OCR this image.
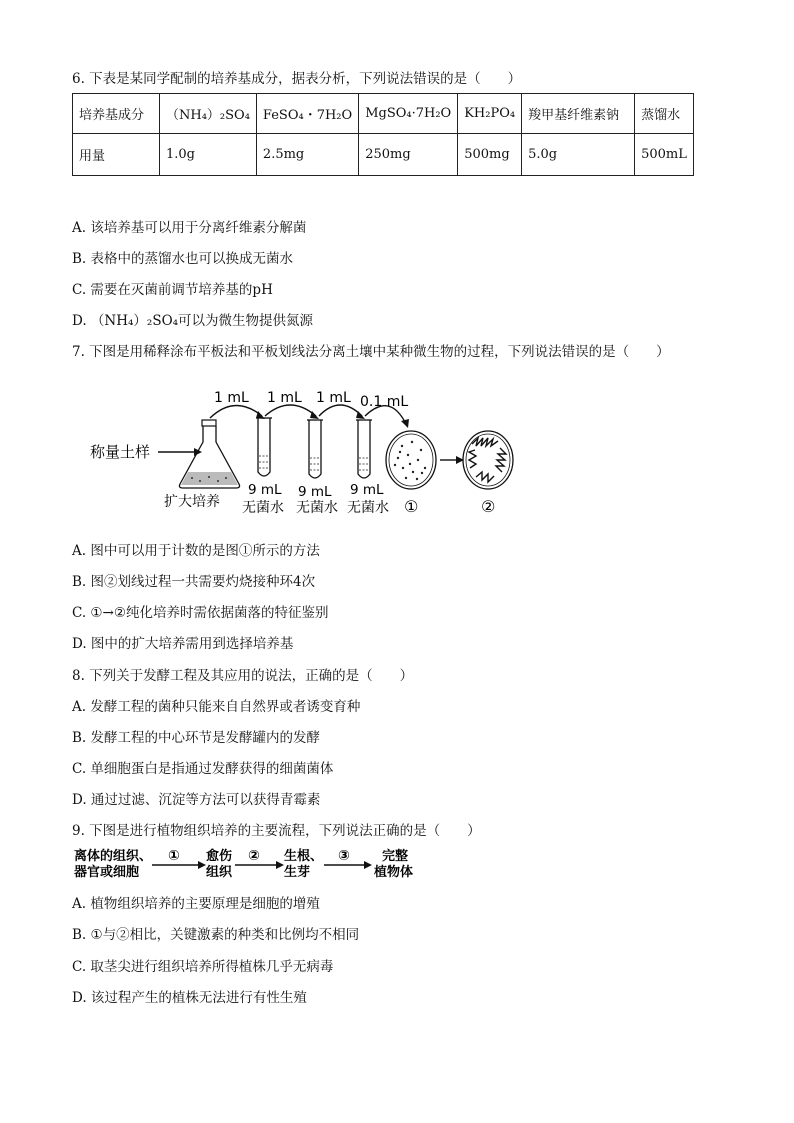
6. 下表是某同学配制的培养基成分，据表分析，下列说法错误的是（　　）
培养基成分	（NH₄）₂SO₄	FeSO₄・7H₂O	MgSO₄·7H₂O	KH₂PO₄	羧甲基纤维素钠	蒸馏水
用量	1.0g	2.5mg	250mg	500mg	5.0g	500mL
A. 该培养基可以用于分离纤维素分解菌
B. 表格中的蒸馏水也可以换成无菌水
C. 需要在灭菌前调节培养基的pH
D. （NH₄）₂SO₄可以为微生物提供氮源
7. 下图是用稀释涂布平板法和平板划线法分离土壤中某种微生物的过程，下列说法错误的是（　　）
称量土样
扩大培养
1 mL 1 mL 1 mL 0.1 mL
9 mL
无菌水
9 mL
无菌水
9 mL
无菌水 ①	②
A. 图中可以用于计数的是图①所示的方法
B. 图②划线过程一共需要灼烧接种环4次
C. ①→②纯化培养时需依据菌落的特征鉴别
D. 图中的扩大培养需用到选择培养基
8. 下列关于发酵工程及其应用的说法，正确的是（　　）
A. 发酵工程的菌种只能来自自然界或者诱变育种
B. 发酵工程的中心环节是发酵罐内的发酵
C. 单细胞蛋白是指通过发酵获得的细菌菌体
D. 通过过滤、沉淀等方法可以获得青霉素
9. 下图是进行植物组织培养的主要流程，下列说法正确的是（　　）
离体的组织、
器官或细胞
① 愈伤
组织
② 生根、
生芽
③ 完整
植物体
A. 植物组织培养的主要原理是细胞的增殖
B. ①与②相比，关键激素的种类和比例均不相同
C. 取茎尖进行组织培养所得植株几乎无病毒
D. 该过程产生的植株无法进行有性生殖
